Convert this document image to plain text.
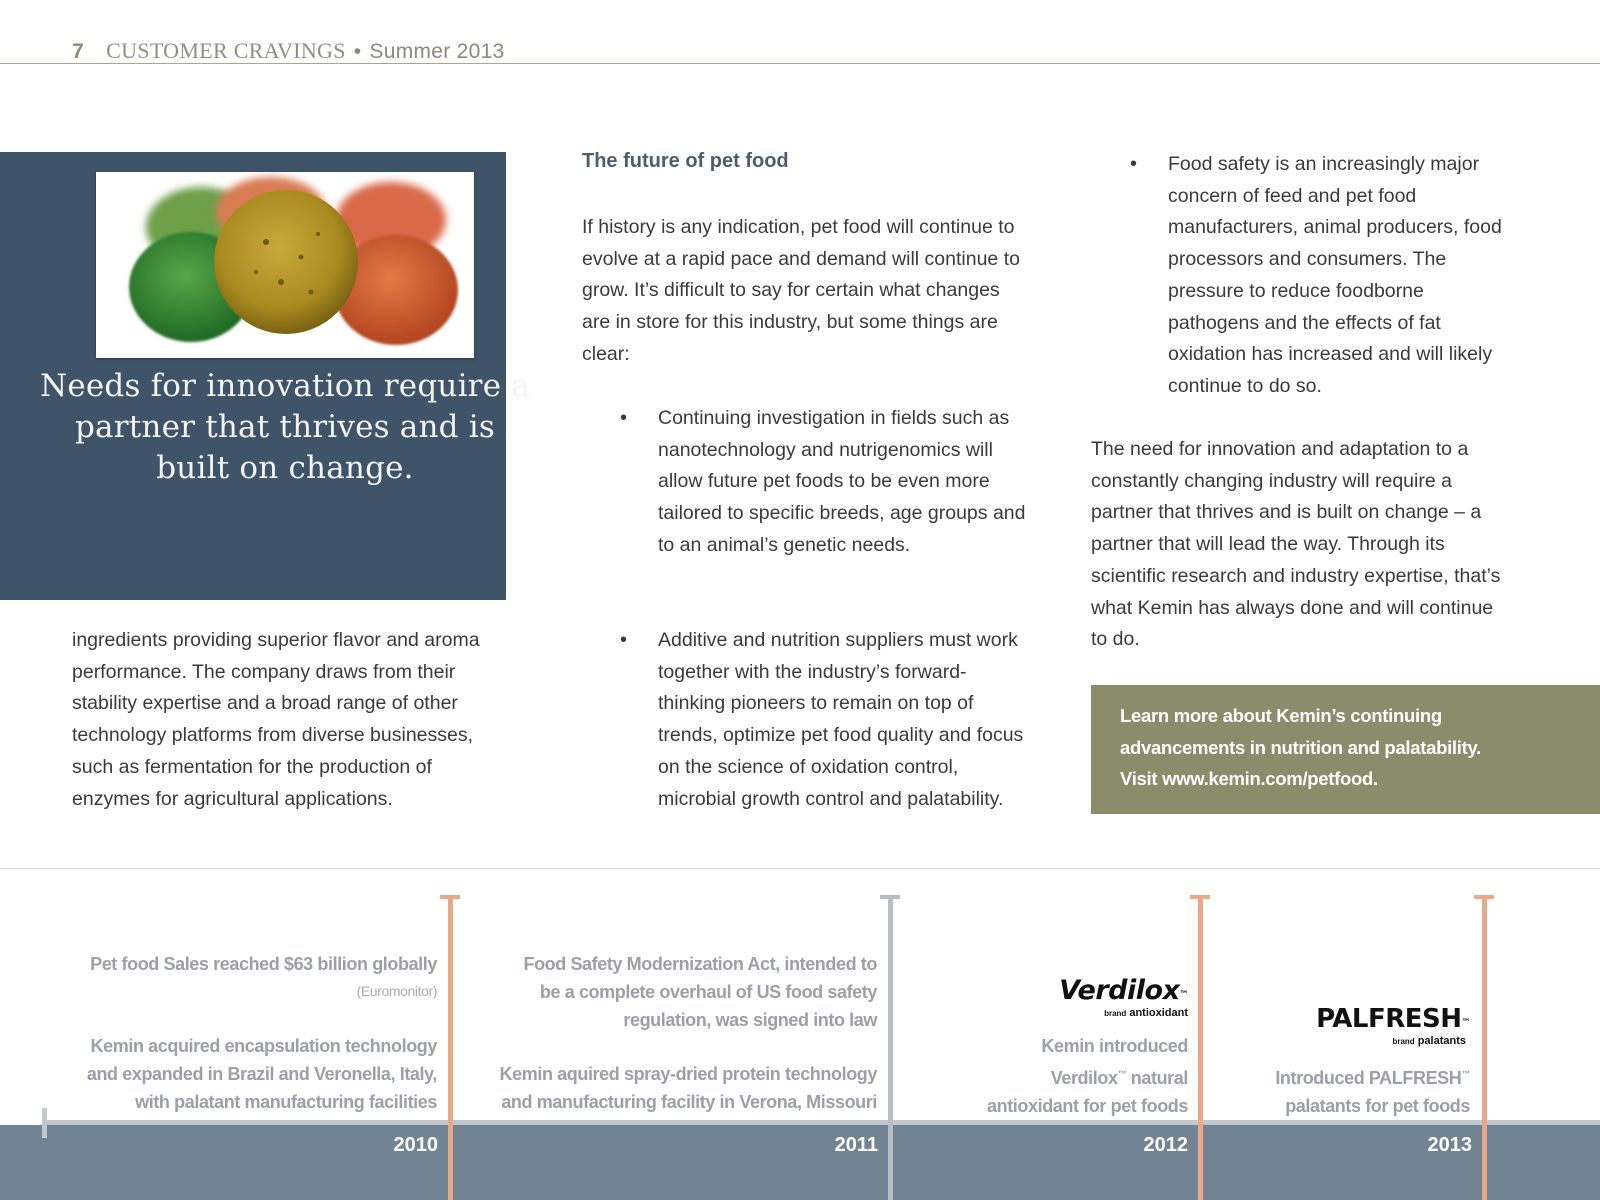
7 CUSTOMER CRAVINGS • Summer 2013
Needs for innovation require a partner that thrives and is built on change.
ingredients providing superior flavor and aroma performance. The company draws from their stability expertise and a broad range of other technology platforms from diverse businesses, such as fermentation for the production of enzymes for agricultural applications.
The future of pet food
If history is any indication, pet food will continue to evolve at a rapid pace and demand will continue to grow. It’s difficult to say for certain what changes are in store for this industry, but some things are clear:
• Continuing investigation in fields such as nanotechnology and nutrigenomics will allow future pet foods to be even more tailored to specific breeds, age groups and to an animal’s genetic needs.
• Additive and nutrition suppliers must work together with the industry’s forward-thinking pioneers to remain on top of trends, optimize pet food quality and focus on the science of oxidation control, microbial growth control and palatability.
• Food safety is an increasingly major concern of feed and pet food manufacturers, animal producers, food processors and consumers. The pressure to reduce foodborne pathogens and the effects of fat oxidation has increased and will likely continue to do so.
The need for innovation and adaptation to a constantly changing industry will require a partner that thrives and is built on change – a partner that will lead the way. Through its scientific research and industry expertise, that’s what Kemin has always done and will continue to do.
Learn more about Kemin’s continuing
advancements in nutrition and palatability.
Visit www.kemin.com/petfood.
2010	2011	2012	2013
Pet food Sales reached $63 billion globally
(Euromonitor)
Kemin acquired encapsulation technology
and expanded in Brazil and Veronella, Italy,
with palatant manufacturing facilities
Food Safety Modernization Act, intended to
be a complete overhaul of US food safety
regulation, was signed into law
Kemin aquired spray-dried protein technology
and manufacturing facility in Verona, Missouri
Verdilox™
brand antioxidant
Kemin introduced
Verdilox™ natural
antioxidant for pet foods
PALFRESH™
brand palatants
Introduced PALFRESH™
palatants for pet foods
